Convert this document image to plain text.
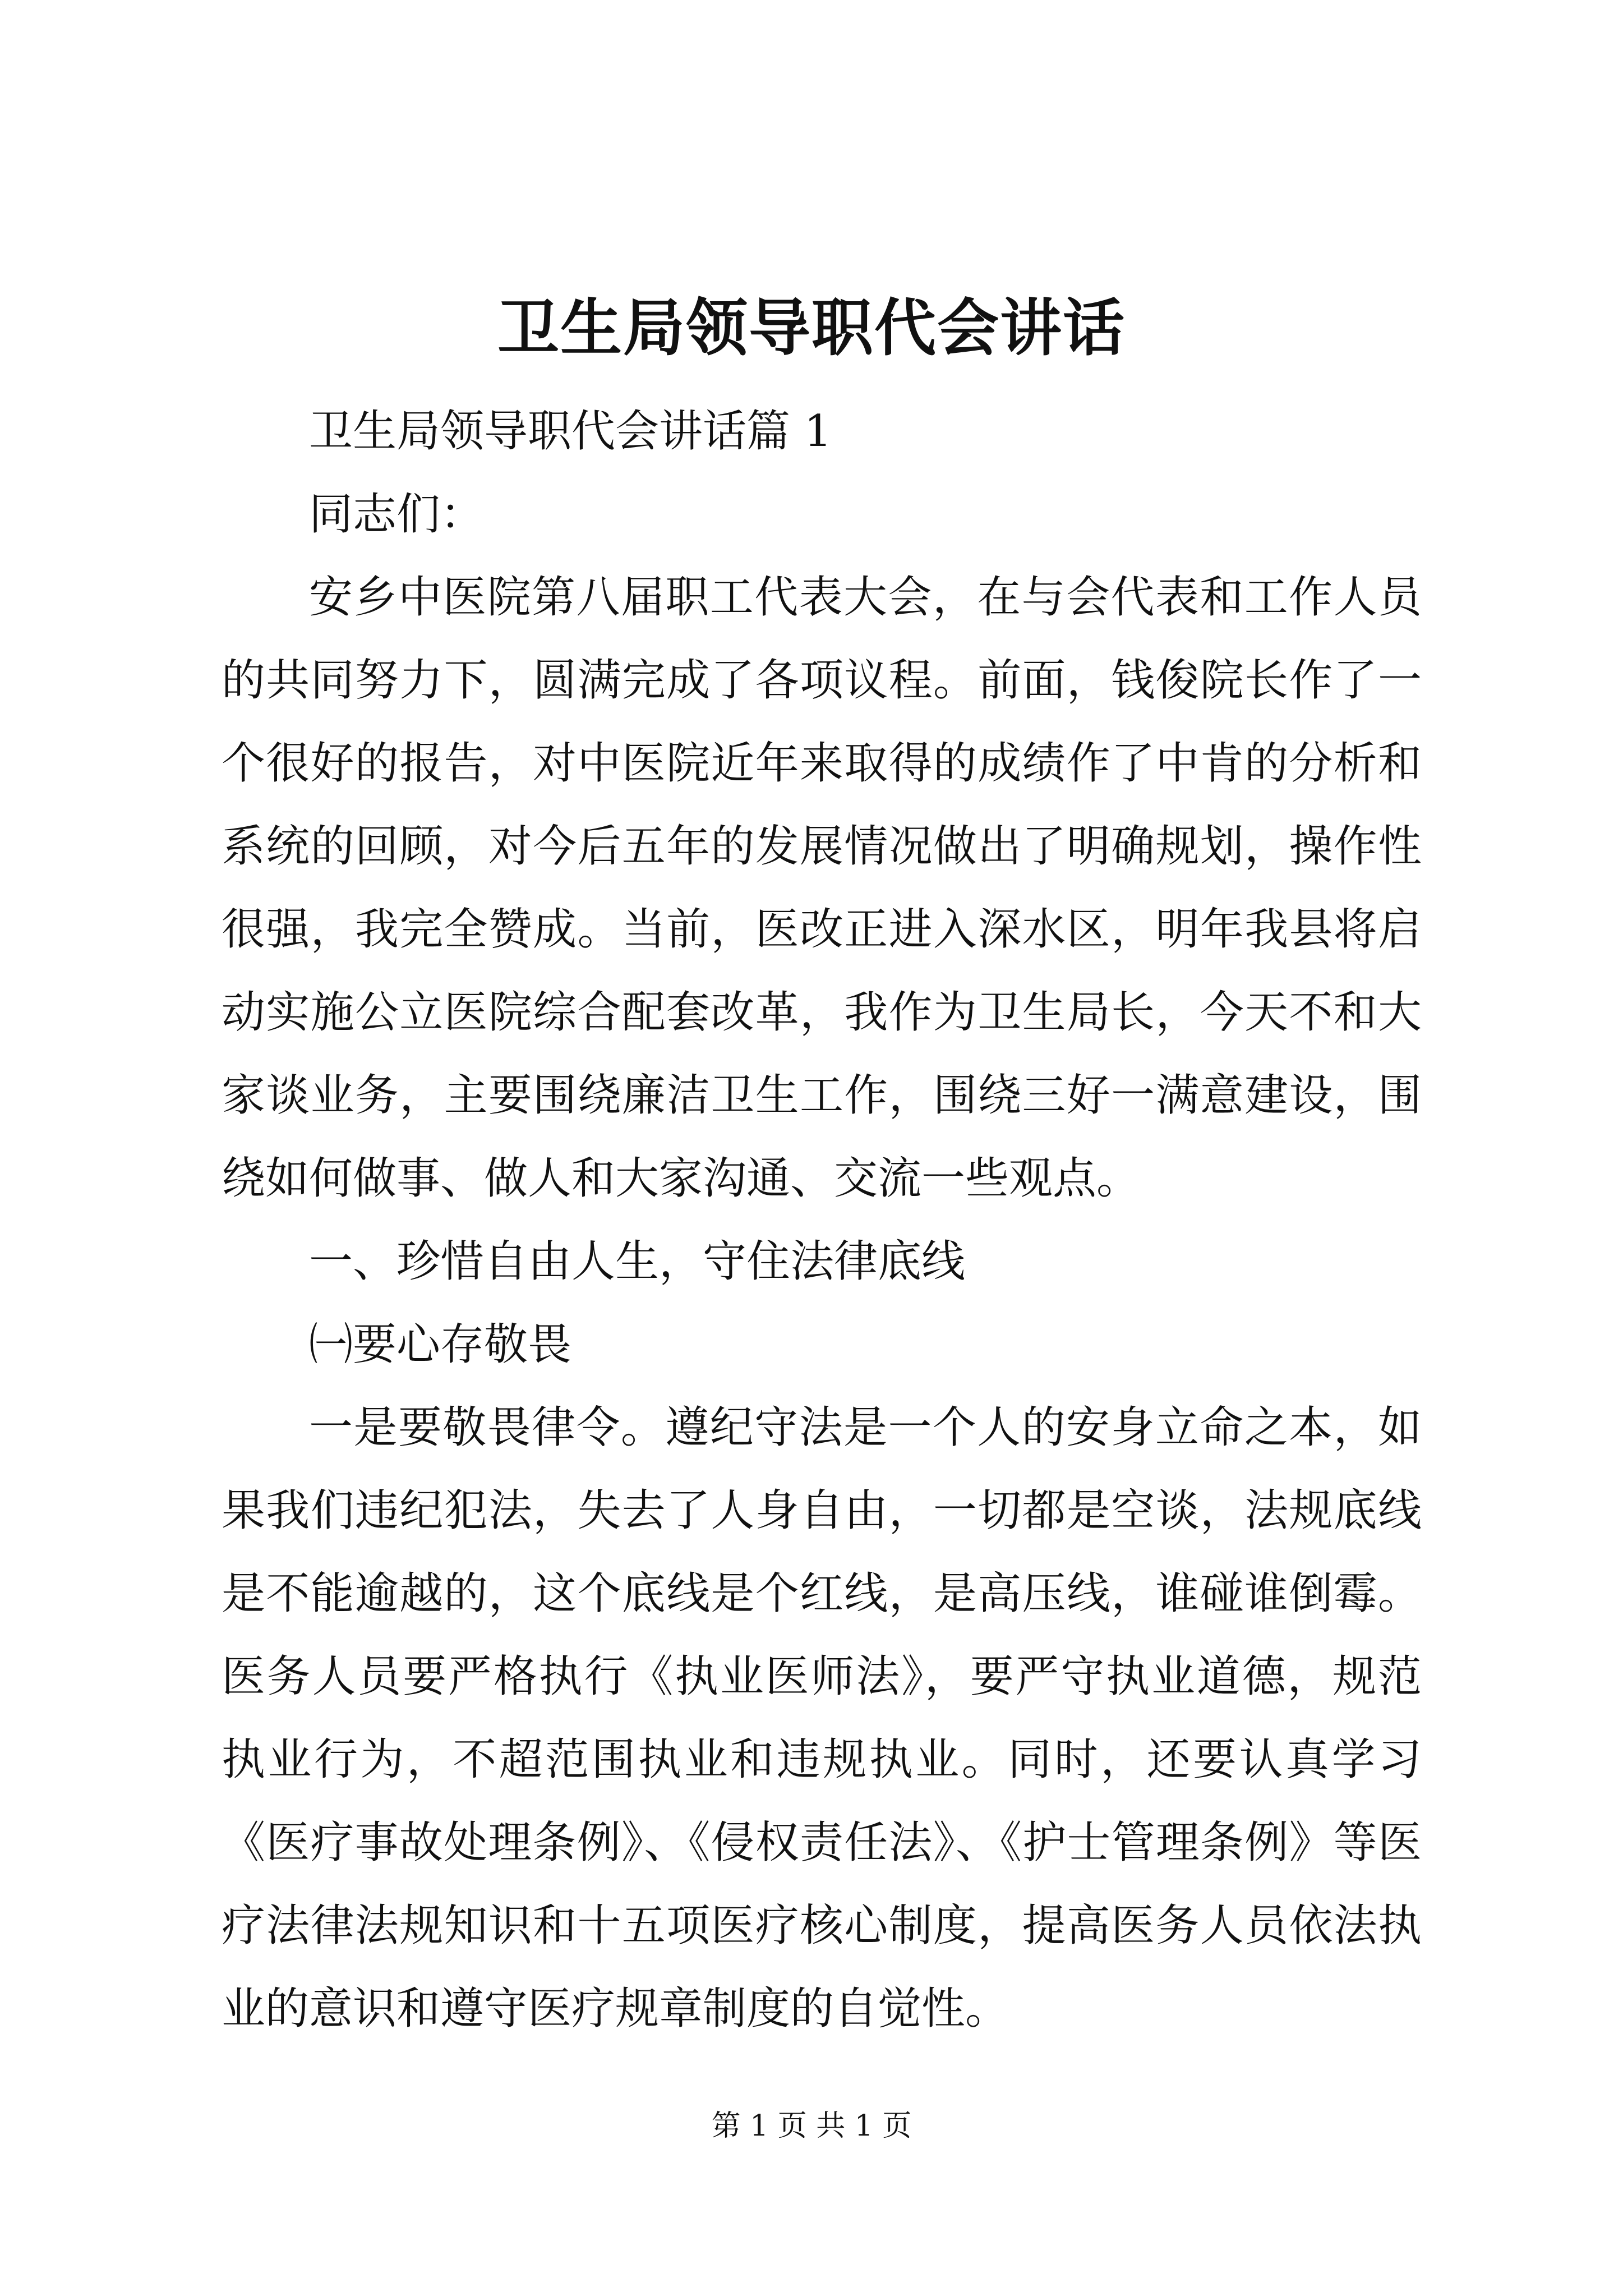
卫生局领导职代会讲话

卫生局领导职代会讲话篇 1

同志们：

安乡中医院第八届职工代表大会，在与会代表和工作人员的共同努力下，圆满完成了各项议程。前面，钱俊院长作了一个很好的报告，对中医院近年来取得的成绩作了中肯的分析和系统的回顾，对今后五年的发展情况做出了明确规划，操作性很强，我完全赞成。当前，医改正进入深水区，明年我县将启动实施公立医院综合配套改革，我作为卫生局长，今天不和大家谈业务，主要围绕廉洁卫生工作，围绕三好一满意建设，围绕如何做事、做人和大家沟通、交流一些观点。

一、珍惜自由人生，守住法律底线

㈠要心存敬畏

一是要敬畏律令。遵纪守法是一个人的安身立命之本，如果我们违纪犯法，失去了人身自由，一切都是空谈，法规底线是不能逾越的，这个底线是个红线，是高压线，谁碰谁倒霉。医务人员要严格执行《执业医师法》，要严守执业道德，规范执业行为，不超范围执业和违规执业。同时，还要认真学习《医疗事故处理条例》、《侵权责任法》、《护士管理条例》等医疗法律法规知识和十五项医疗核心制度，提高医务人员依法执业的意识和遵守医疗规章制度的自觉性。

第 1 页 共 1 页
